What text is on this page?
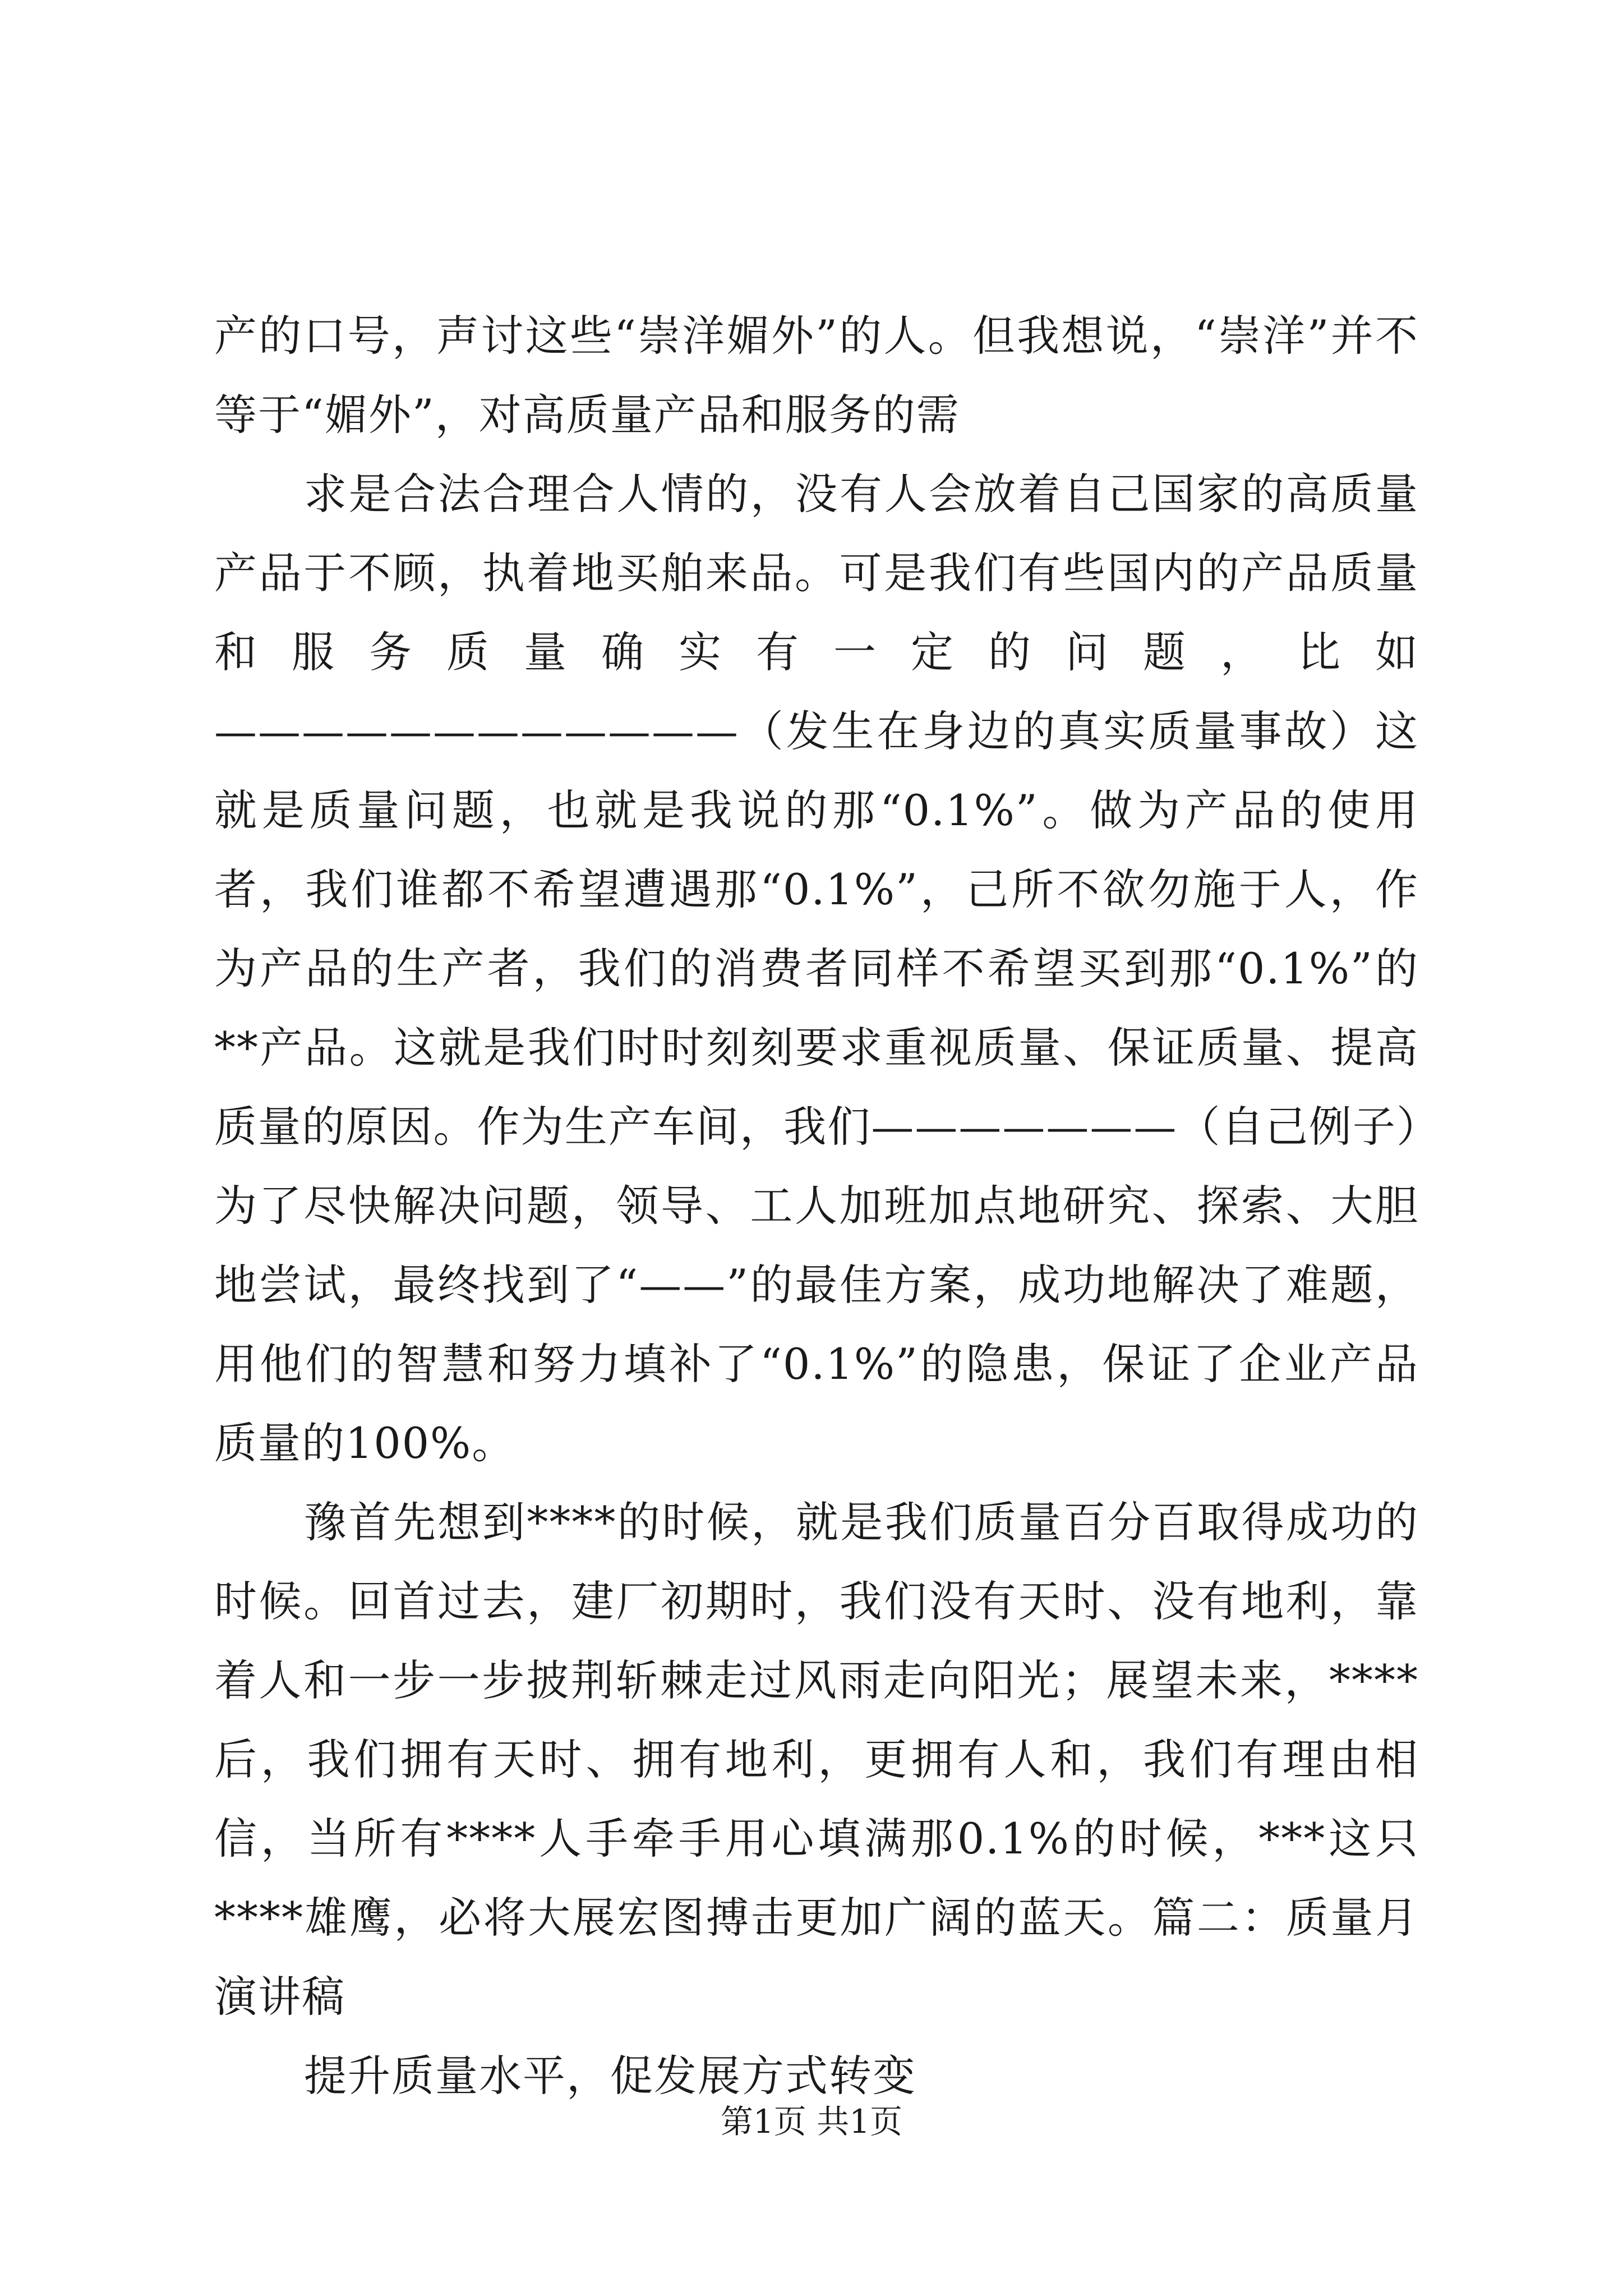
产的口号，声讨这些“崇洋媚外”的人。但我想说，“崇洋”并不等于“媚外”，对高质量产品和服务的需

求是合法合理合人情的，没有人会放着自己国家的高质量产品于不顾，执着地买舶来品。可是我们有些国内的产品质量和服务质量确实有一定的问题，比如————————————（发生在身边的真实质量事故）这就是质量问题，也就是我说的那“0.1%”。做为产品的使用者，我们谁都不希望遭遇那“0.1%”，己所不欲勿施于人，作为产品的生产者，我们的消费者同样不希望买到那“0.1%”的**产品。这就是我们时时刻刻要求重视质量、保证质量、提高质量的原因。作为生产车间，我们———————（自己例子）为了尽快解决问题，领导、工人加班加点地研究、探索、大胆地尝试，最终找到了“——”的最佳方案，成功地解决了难题，用他们的智慧和努力填补了“0.1%”的隐患，保证了企业产品质量的100%。

豫首先想到****的时候，就是我们质量百分百取得成功的时候。回首过去，建厂初期时，我们没有天时、没有地利，靠着人和一步一步披荆斩棘走过风雨走向阳光；展望未来，****后，我们拥有天时、拥有地利，更拥有人和，我们有理由相信，当所有****人手牵手用心填满那0.1%的时候，***这只****雄鹰，必将大展宏图搏击更加广阔的蓝天。篇二：质量月演讲稿

提升质量水平，促发展方式转变

第1页 共1页
